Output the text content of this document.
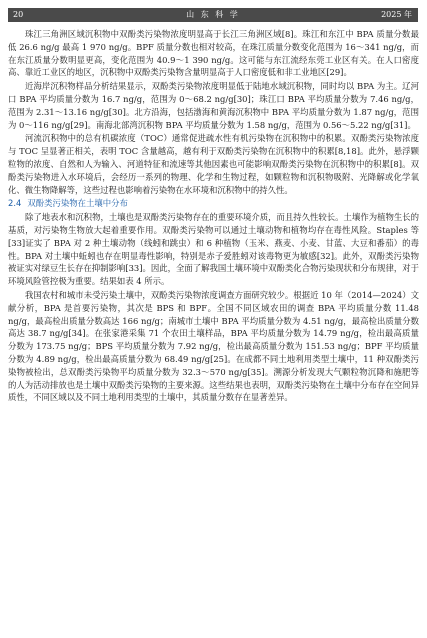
20	山 东 科 学	2025 年

珠江三角洲区域沉积物中双酚类污染物浓度明显高于长江三角洲区域[8]。珠江和东江中 BPA 质量分数最低 26.6 ng/g 最高 1 970 ng/g。BPF 质量分数也相对较高，在珠江质量分数变化范围为 16～341 ng/g，而在东江质量分数明显更高，变化范围为 40.9～1 390 ng/g。这可能与东江流经东莞工业区有关。在人口密度高、靠近工业区的地区，沉积物中双酚类污染物含量明显高于人口密度低和非工业地区[29]。

近海岸沉积物样品分析结果显示，双酚类污染物浓度明显低于陆地水域沉积物，同时均以 BPA 为主。辽河口 BPA 平均质量分数为 16.7 ng/g，范围为 0～68.2 ng/g[30]；珠江口 BPA 平均质量分数为 7.46 ng/g，范围为 2.31～13.16 ng/g[30]。北方沿海，包括渤海和黄海沉积物中 BPA 平均质量分数为 1.87 ng/g，范围为 0～116 ng/g[29]。南海北部湾沉积物 BPA 平均质量分数为 1.58 ng/g，范围为 0.56～5.22 ng/g[31]。

河流沉积物中的总有机碳浓度（TOC）通常促进疏水性有机污染物在沉积物中的积累。双酚类污染物浓度与 TOC 呈显著正相关，表明 TOC 含量越高，越有利于双酚类污染物在沉积物中的积累[8,18]。此外，悬浮颗粒物的浓度、自然和人为输入、河道特征和流速等其他因素也可能影响双酚类污染物在沉积物中的积累[8]。双酚类污染物进入水环境后，会经历一系列的物理、化学和生物过程，如颗粒物和沉积物吸附、光降解或化学氧化、微生物降解等，这些过程也影响着污染物在水环境和沉积物中的持久性。

2.4 双酚类污染物在土壤中分布

除了地表水和沉积物，土壤也是双酚类污染物存在的重要环境介质，而且持久性较长。土壤作为植物生长的基质，对污染物生物放大起着重要作用。双酚类污染物可以通过土壤动物和植物均存在毒性风险。Staples 等[33]证实了 BPA 对 2 种土壤动物（线蚓和跳虫）和 6 种植物（玉米、燕麦、小麦、甘蓝、大豆和番茄）的毒性。BPA 对土壤中蚯蚓也存在明显毒性影响，特别是赤子爱胜蚓对该毒物更为敏感[32]。此外，双酚类污染物被证实对绿豆生长存在抑制影响[33]。因此，全面了解我国土壤环境中双酚类化合物污染现状和分布规律，对于环境风险管控极为重要。结果如表 4 所示。

我国农村和城市未受污染土壤中，双酚类污染物浓度调查方面研究较少。根据近 10 年（2014—2024）文献分析，BPA 是首要污染物，其次是 BPS 和 BPF。全国不同区域农田的调查 BPA 平均质量分数 11.48 ng/g，最高检出质量分数高达 166 ng/g；南城市土壤中 BPA 平均质量分数为 4.51 ng/g，最高检出质量分数高达 38.7 ng/g[34]。在张家港采集 71 个农田土壤样品，BPA 平均质量分数为 14.79 ng/g，检出最高质量分数为 173.75 ng/g；BPS 平均质量分数为 7.92 ng/g，检出最高质量分数为 151.53 ng/g；BPF 平均质量分数为 4.89 ng/g，检出最高质量分数为 68.49 ng/g[25]。在成都不同土地利用类型土壤中，11 种双酚类污染物被检出，总双酚类污染物平均质量分数为 32.3～570 ng/g[35]。溯源分析发现大气颗粒物沉降和施肥等的人为活动排放也是土壤中双酚类污染物的主要来源。这些结果也表明，双酚类污染物在土壤中分布存在空间异质性，不同区域以及不同土地利用类型的土壤中，其质量分数存在显著差异。
